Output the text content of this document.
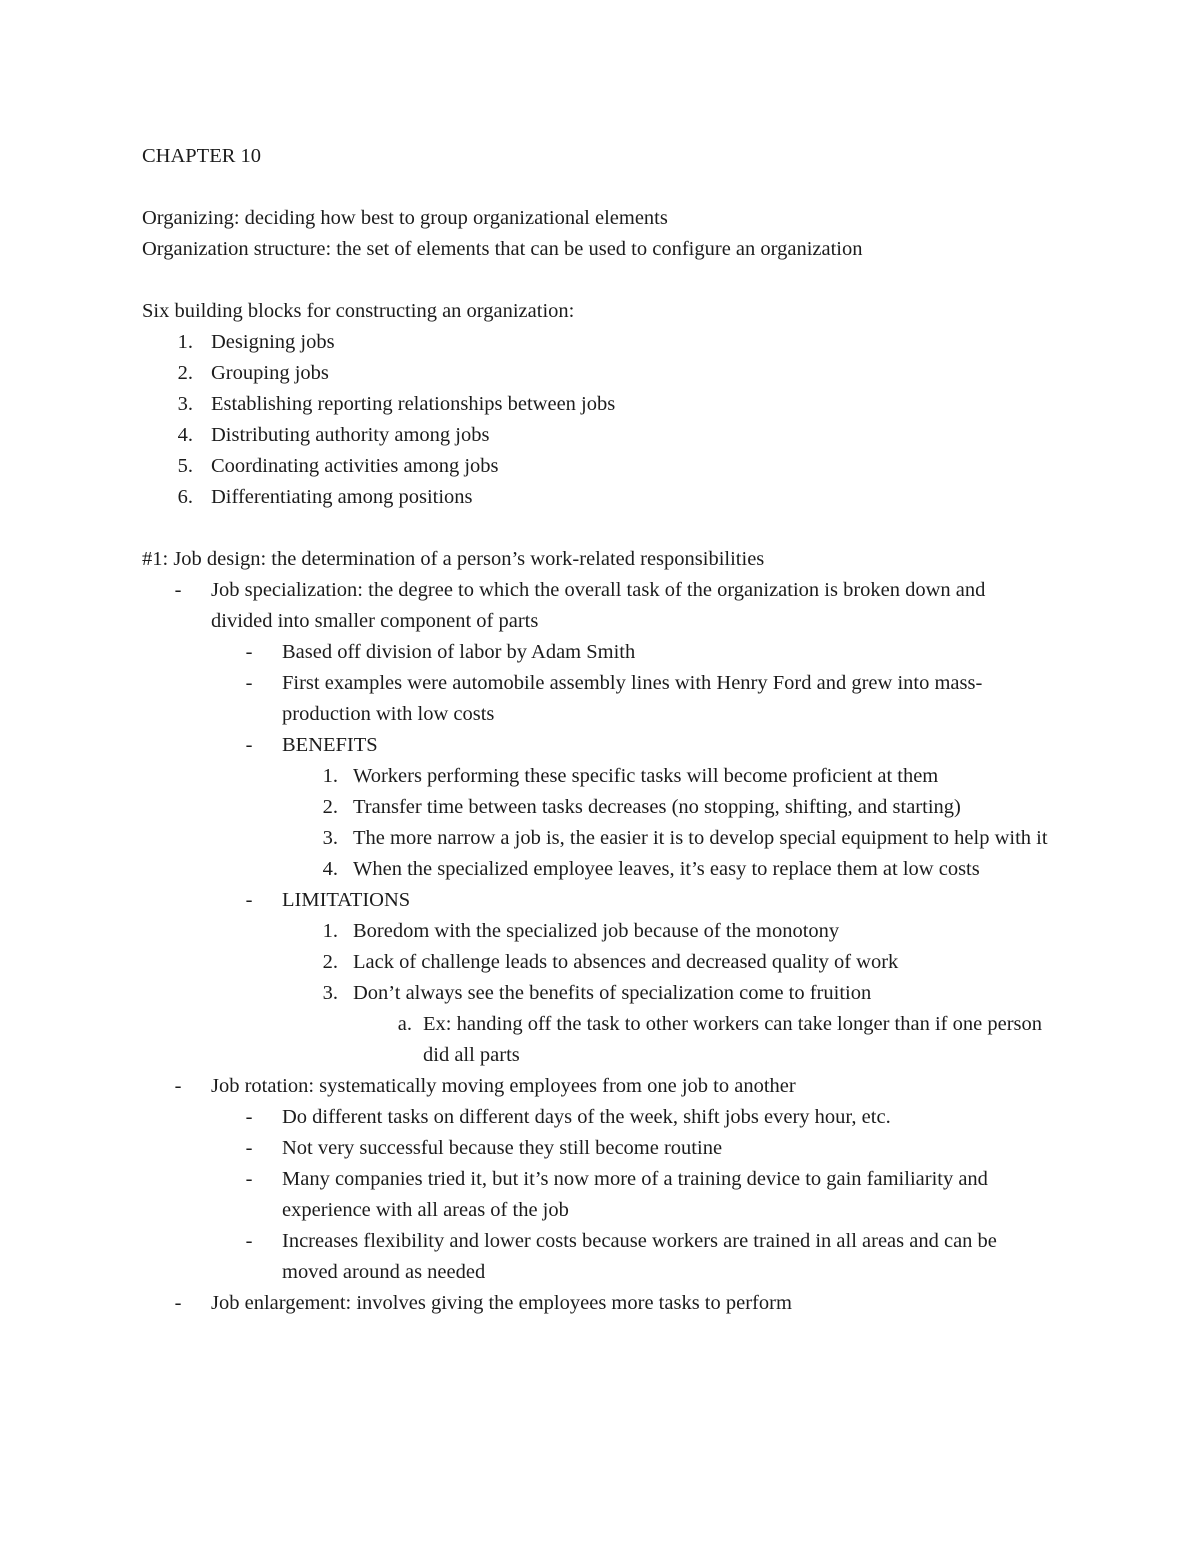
CHAPTER 10
Organizing: deciding how best to group organizational elements
Organization structure: the set of elements that can be used to configure an organization
Six building blocks for constructing an organization:
1. Designing jobs
2. Grouping jobs
3. Establishing reporting relationships between jobs
4. Distributing authority among jobs
5. Coordinating activities among jobs
6. Differentiating among positions
#1: Job design: the determination of a person’s work-related responsibilities
-	Job specialization: the degree to which the overall task of the organization is broken down and divided into smaller component of parts
-	Based off division of labor by Adam Smith
-	First examples were automobile assembly lines with Henry Ford and grew into mass-production with low costs
-	BENEFITS
1. Workers performing these specific tasks will become proficient at them
2. Transfer time between tasks decreases (no stopping, shifting, and starting)
3. The more narrow a job is, the easier it is to develop special equipment to help with it
4. When the specialized employee leaves, it’s easy to replace them at low costs
-	LIMITATIONS
1. Boredom with the specialized job because of the monotony
2. Lack of challenge leads to absences and decreased quality of work
3. Don’t always see the benefits of specialization come to fruition
a. Ex: handing off the task to other workers can take longer than if one person did all parts
-	Job rotation: systematically moving employees from one job to another
-	Do different tasks on different days of the week, shift jobs every hour, etc.
-	Not very successful because they still become routine
-	Many companies tried it, but it’s now more of a training device to gain familiarity and experience with all areas of the job
-	Increases flexibility and lower costs because workers are trained in all areas and can be moved around as needed
-	Job enlargement: involves giving the employees more tasks to perform
